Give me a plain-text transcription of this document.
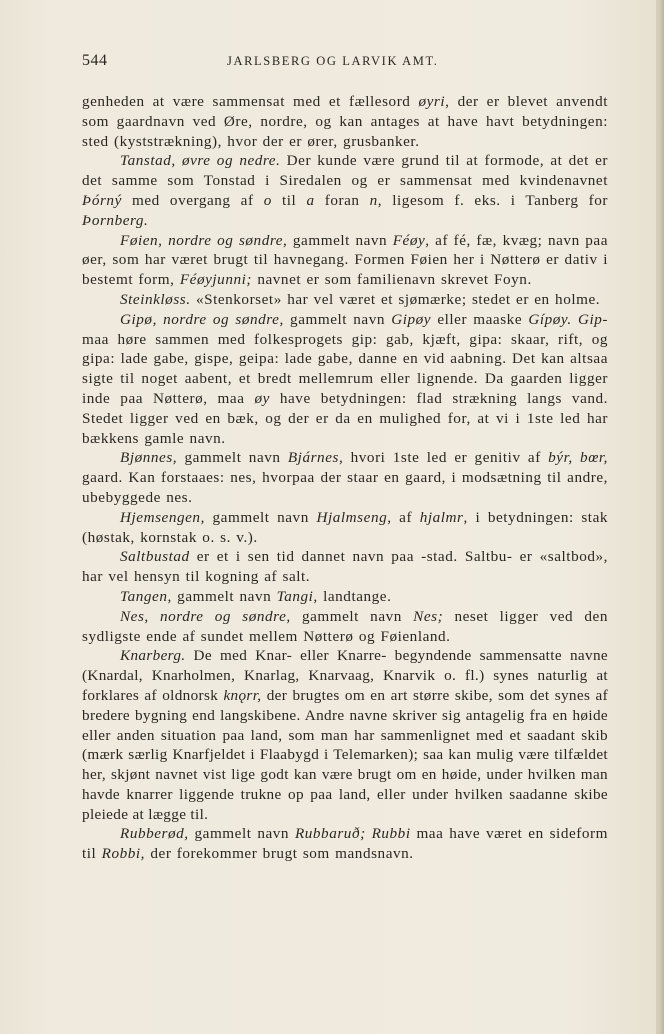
544	JARLSBERG OG LARVIK AMT.

genheden at være sammensat med et fællesord øyri, der er blevet anvendt som gaardnavn ved Øre, nordre, og kan antages at have havt betydningen: sted (kyststrækning), hvor der er ører, grusbanker.

Tanstad, øvre og nedre. Der kunde være grund til at formode, at det er det samme som Tonstad i Siredalen og er sammensat med kvindenavnet Þórný med overgang af o til a foran n, ligesom f. eks. i Tanberg for Þornberg.

Føien, nordre og søndre, gammelt navn Féøy, af fé, fæ, kvæg; navn paa øer, som har været brugt til havnegang. Formen Føien her i Nøtterø er dativ i bestemt form, Féøyjunni; navnet er som familienavn skrevet Foyn.

Steinkløss. «Stenkorset» har vel været et sjømærke; stedet er en holme.

Gipø, nordre og søndre, gammelt navn Gipøy eller maaske Gípøy. Gip- maa høre sammen med folkesprogets gip: gab, kjæft, gipa: skaar, rift, og gipa: lade gabe, gispe, geipa: lade gabe, danne en vid aabning. Det kan altsaa sigte til noget aabent, et bredt mellemrum eller lignende. Da gaarden ligger inde paa Nøtterø, maa øy have betydningen: flad strækning langs vand. Stedet ligger ved en bæk, og der er da en mulighed for, at vi i 1ste led har bækkens gamle navn.

Bjønnes, gammelt navn Bjárnes, hvori 1ste led er genitiv af býr, bœr, gaard. Kan forstaaes: nes, hvorpaa der staar en gaard, i modsætning til andre, ubebyggede nes.

Hjemsengen, gammelt navn Hjalmseng, af hjalmr, i betydningen: stak (høstak, kornstak o. s. v.).

Saltbustad er et i sen tid dannet navn paa -stad. Saltbu- er «saltbod», har vel hensyn til kogning af salt.

Tangen, gammelt navn Tangi, landtange.

Nes, nordre og søndre, gammelt navn Nes; neset ligger ved den sydligste ende af sundet mellem Nøtterø og Føienland.

Knarberg. De med Knar- eller Knarre- begyndende sammensatte navne (Knardal, Knarholmen, Knarlag, Knarvaag, Knarvik o. fl.) synes naturlig at forklares af oldnorsk knǫrr, der brugtes om en art større skibe, som det synes af bredere bygning end langskibene. Andre navne skriver sig antagelig fra en høide eller anden situation paa land, som man har sammenlignet med et saadant skib (mærk særlig Knarfjeldet i Flaabygd i Telemarken); saa kan mulig være tilfældet her, skjønt navnet vist lige godt kan være brugt om en høide, under hvilken man havde knarrer liggende trukne op paa land, eller under hvilken saadanne skibe pleiede at lægge til.

Rubberød, gammelt navn Rubbaruð; Rubbi maa have været en sideform til Robbi, der forekommer brugt som mandsnavn.
